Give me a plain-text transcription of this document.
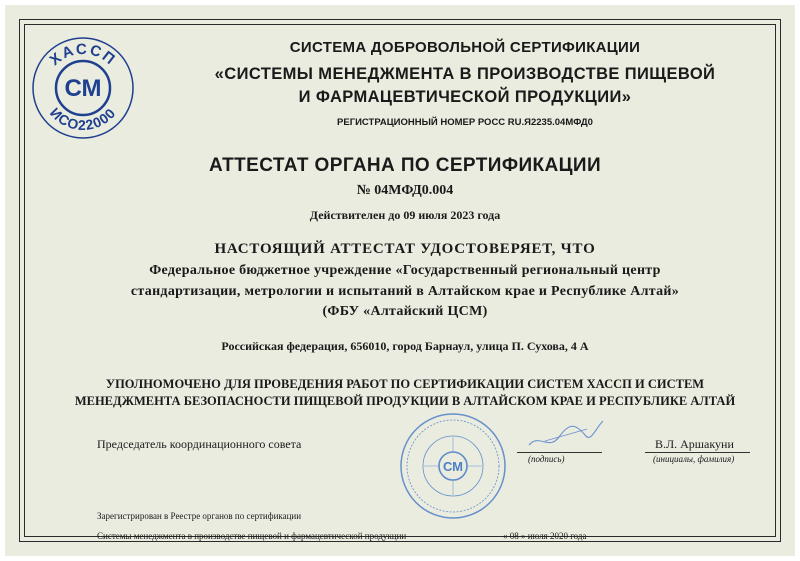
ХАССП
СМ
ИСО22000
СИСТЕМА ДОБРОВОЛЬНОЙ СЕРТИФИКАЦИИ
«СИСТЕМЫ МЕНЕДЖМЕНТА В ПРОИЗВОДСТВЕ ПИЩЕВОЙ
И ФАРМАЦЕВТИЧЕСКОЙ ПРОДУКЦИИ»
РЕГИСТРАЦИОННЫЙ НОМЕР РОСС RU.Я2235.04МФД0
АТТЕСТАТ ОРГАНА ПО СЕРТИФИКАЦИИ
№ 04МФД0.004
Действителен до 09 июля 2023 года
НАСТОЯЩИЙ АТТЕСТАТ УДОСТОВЕРЯЕТ, ЧТО
Федеральное бюджетное учреждение «Государственный региональный центр
стандартизации, метрологии и испытаний в Алтайском крае и Республике Алтай»
(ФБУ «Алтайский ЦСМ)
Российская федерация, 656010, город Барнаул, улица П. Сухова, 4 А
УПОЛНОМОЧЕНО ДЛЯ ПРОВЕДЕНИЯ РАБОТ ПО СЕРТИФИКАЦИИ СИСТЕМ ХАССП И СИСТЕМ
МЕНЕДЖМЕНТА БЕЗОПАСНОСТИ ПИЩЕВОЙ ПРОДУКЦИИ В АЛТАЙСКОМ КРАЕ И РЕСПУБЛИКЕ АЛТАЙ
Председатель координационного совета
СМ	(подпись)
В.Л. Аршакуни
(инициалы, фамилия)
Зарегистрирован в Реестре органов по сертификации
Системы менеджмента в производстве пищевой и фармацевтической продукции	« 08 » июля 2020 года
